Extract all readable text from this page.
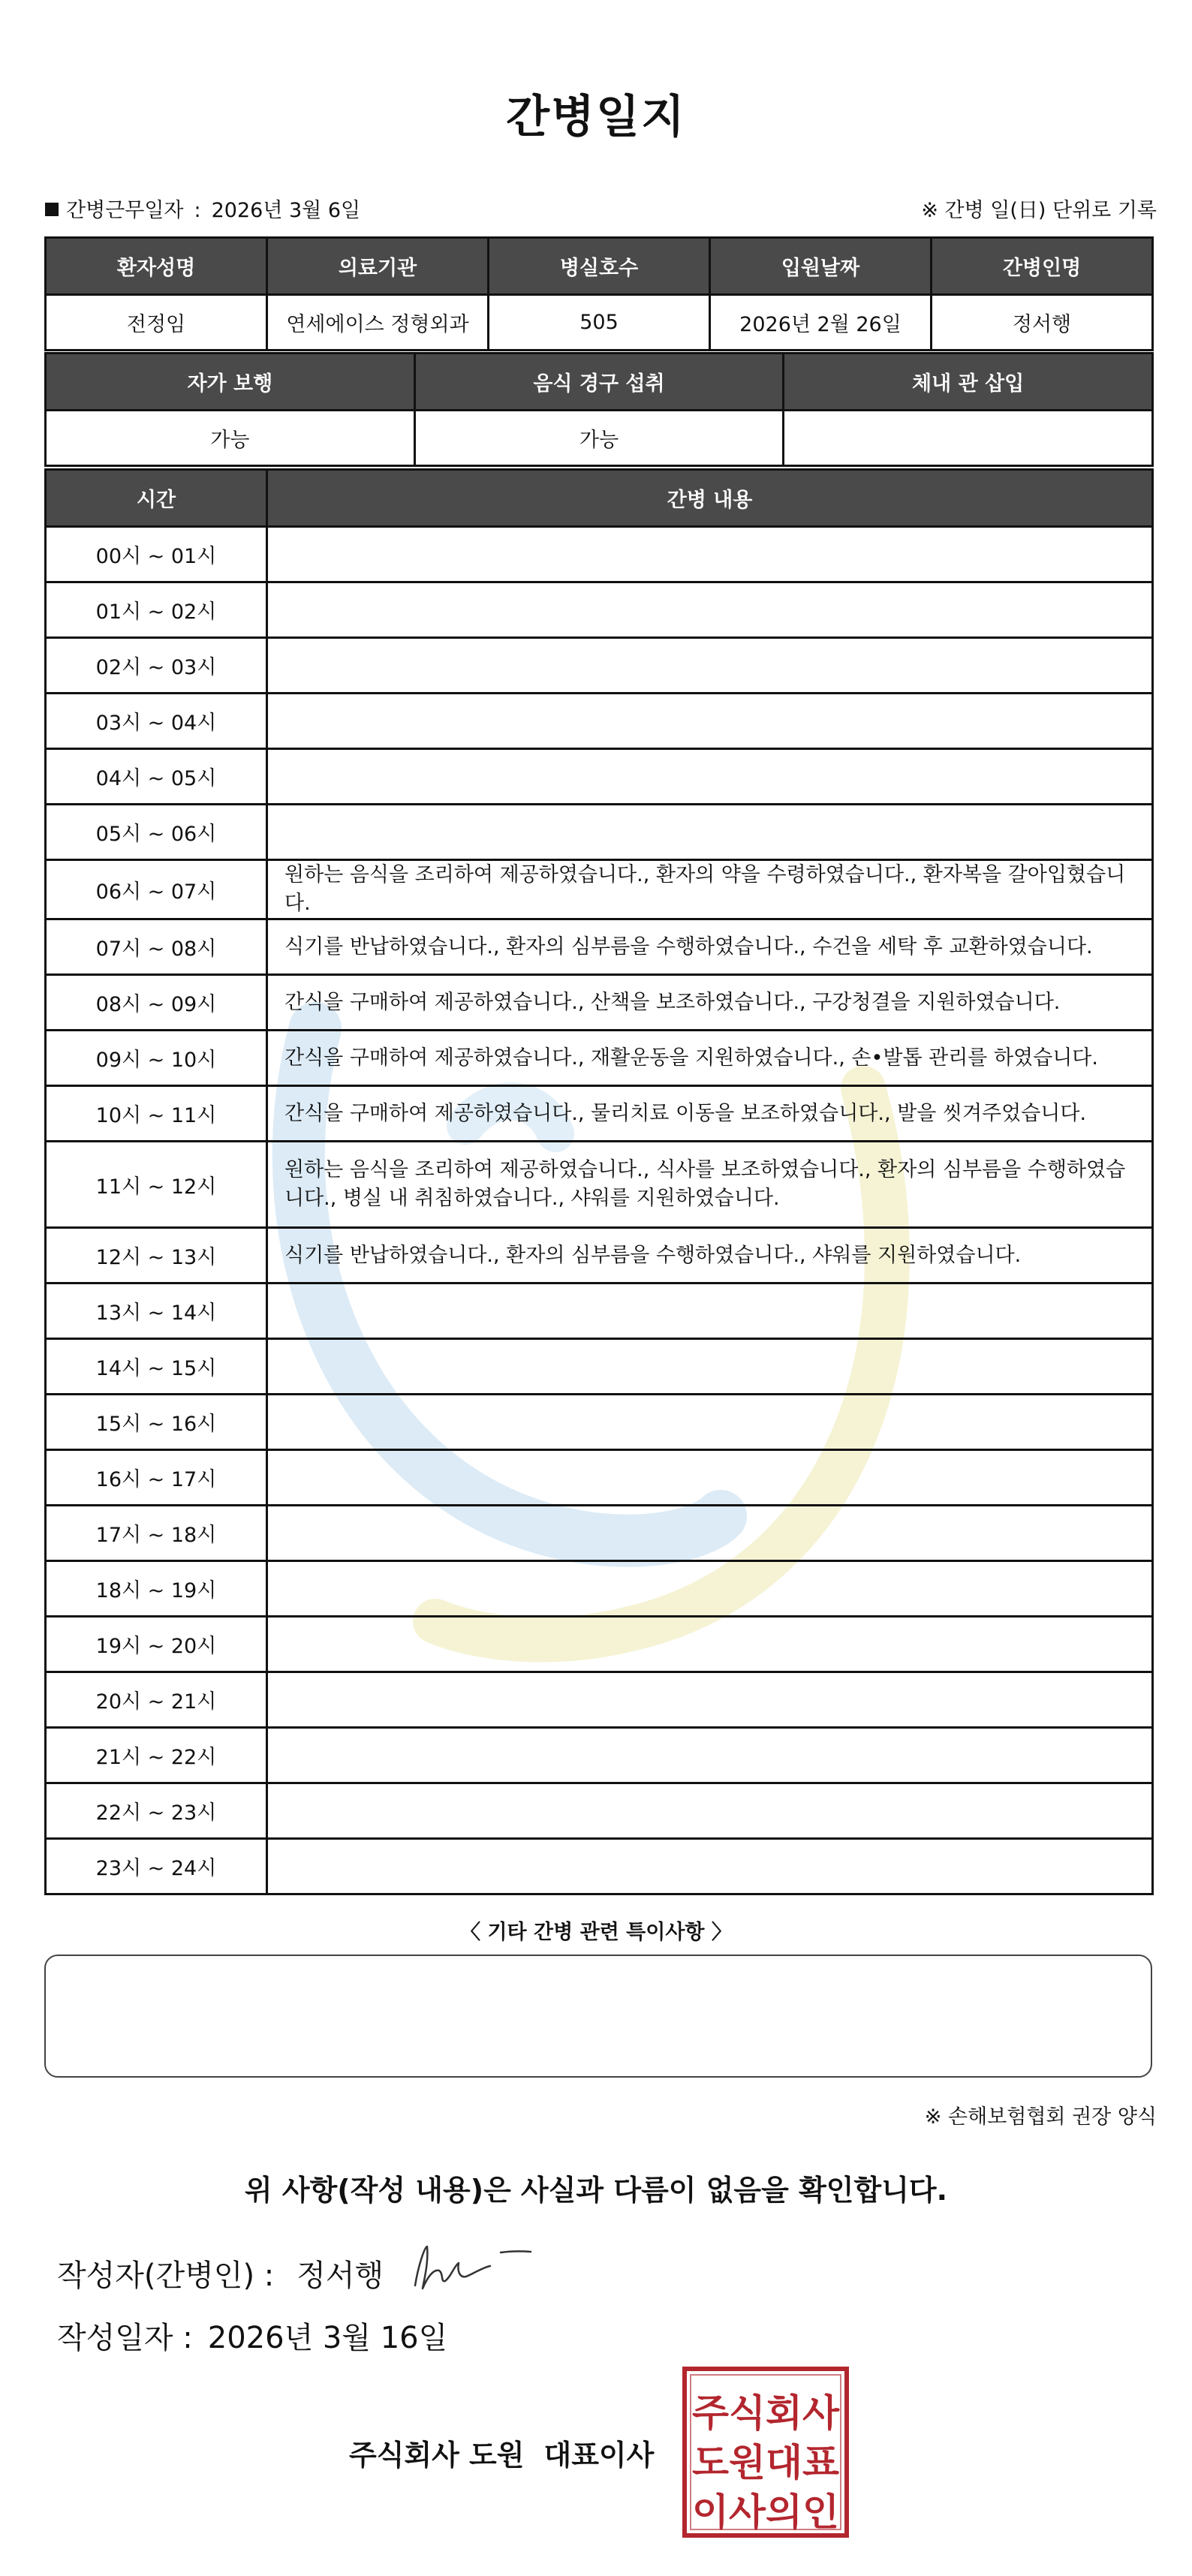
간병일지
간병근무일자 : 2026년 3월 6일	※ 간병 일(日) 단위로 기록
환자성명	의료기관	병실호수	입원날짜	간병인명
전정임	연세에이스 정형외과	505	2026년 2월 26일	정서행
자가 보행	음식 경구 섭취	체내 관 삽입
가능	가능	
시간	간병 내용
00시 ~ 01시	
01시 ~ 02시	
02시 ~ 03시	
03시 ~ 04시	
04시 ~ 05시	
05시 ~ 06시	
06시 ~ 07시	원하는 음식을 조리하여 제공하였습니다., 환자의 약을 수령하였습니다., 환자복을 갈아입혔습니다.
07시 ~ 08시	식기를 반납하였습니다., 환자의 심부름을 수행하였습니다., 수건을 세탁 후 교환하였습니다.
08시 ~ 09시	간식을 구매하여 제공하였습니다., 산책을 보조하였습니다., 구강청결을 지원하였습니다.
09시 ~ 10시	간식을 구매하여 제공하였습니다., 재활운동을 지원하였습니다., 손•발톱 관리를 하였습니다.
10시 ~ 11시	간식을 구매하여 제공하였습니다., 물리치료 이동을 보조하였습니다., 발을 씻겨주었습니다.
11시 ~ 12시	원하는 음식을 조리하여 제공하였습니다., 식사를 보조하였습니다., 환자의 심부름을 수행하였습니다., 병실 내 취침하였습니다., 샤워를 지원하였습니다.
12시 ~ 13시	식기를 반납하였습니다., 환자의 심부름을 수행하였습니다., 샤워를 지원하였습니다.
13시 ~ 14시	
14시 ~ 15시	
15시 ~ 16시	
16시 ~ 17시	
17시 ~ 18시	
18시 ~ 19시	
19시 ~ 20시	
20시 ~ 21시	
21시 ~ 22시	
22시 ~ 23시	
23시 ~ 24시	
〈 기타 간병 관련 특이사항 〉
※ 손해보험협회 권장 양식
위 사항(작성 내용)은 사실과 다름이 없음을 확인합니다.
작성자(간병인) : 정서행
작성일자 : 2026년 3월 16일
주식회사 도원 대표이사
주식회사
도원대표
이사의인
